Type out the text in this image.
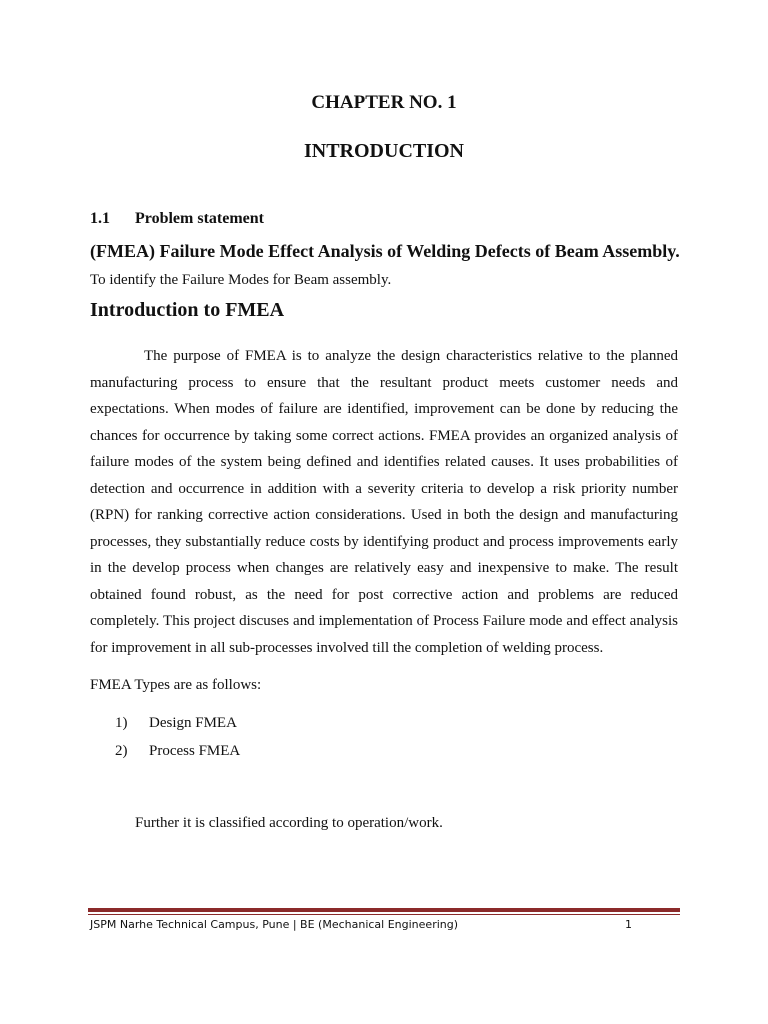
CHAPTER NO. 1
INTRODUCTION
1.1 Problem statement
(FMEA) Failure Mode Effect Analysis of Welding Defects of Beam Assembly.
To identify the Failure Modes for Beam assembly.
Introduction to FMEA

The purpose of FMEA is to analyze the design characteristics relative to the planned manufacturing process to ensure that the resultant product meets customer needs and expectations. When modes of failure are identified, improvement can be done by reducing the chances for occurrence by taking some correct actions. FMEA provides an organized analysis of failure modes of the system being defined and identifies related causes. It uses probabilities of detection and occurrence in addition with a severity criteria to develop a risk priority number (RPN) for ranking corrective action considerations. Used in both the design and manufacturing processes, they substantially reduce costs by identifying product and process improvements early in the develop process when changes are relatively easy and inexpensive to make. The result obtained found robust, as the need for post corrective action and problems are reduced completely. This project discuses and implementation of Process Failure mode and effect analysis for improvement in all sub-processes involved till the completion of welding process.

FMEA Types are as follows:
1) Design FMEA
2) Process FMEA
Further it is classified according to operation/work.
JSPM Narhe Technical Campus, Pune | BE (Mechanical Engineering)	1
